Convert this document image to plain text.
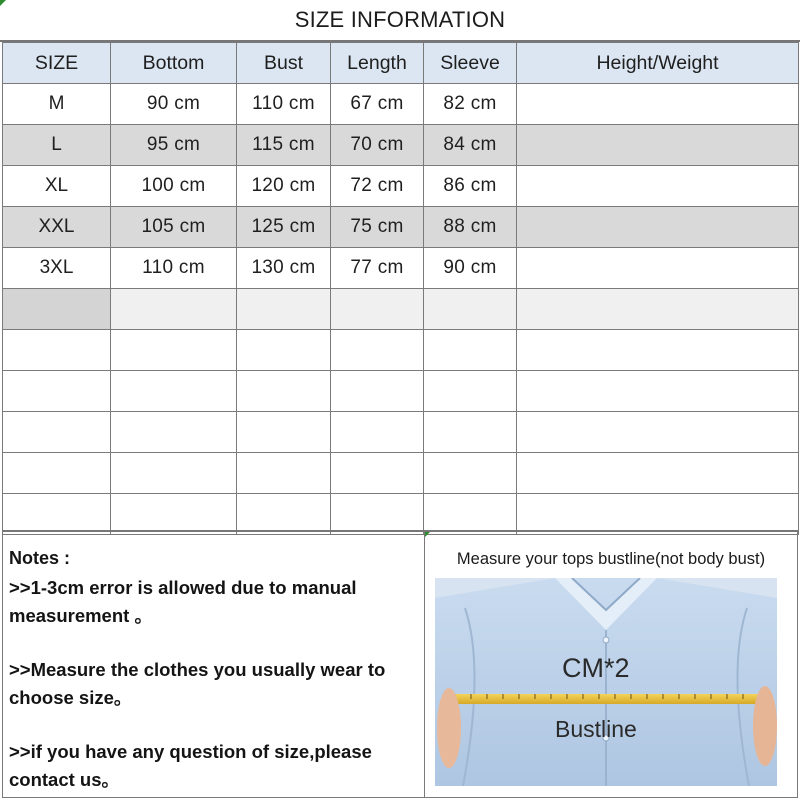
SIZE INFORMATION
SIZE	Bottom	Bust	Length	Sleeve	Height/Weight
M	90 cm	110 cm	67 cm	82 cm	
L	95 cm	115 cm	70 cm	84 cm	
XL	100 cm	120 cm	72 cm	86 cm	
XXL	105 cm	125 cm	75 cm	88 cm	
3XL	110 cm	130 cm	77 cm	90 cm	

Notes :

>>1-3cm error is allowed due to manual measurement 。

>>Measure the clothes you usually wear to choose size。

>>if you have any question of size,please contact us。

Measure your tops bustline(not body bust)
CM*2
Bustline
